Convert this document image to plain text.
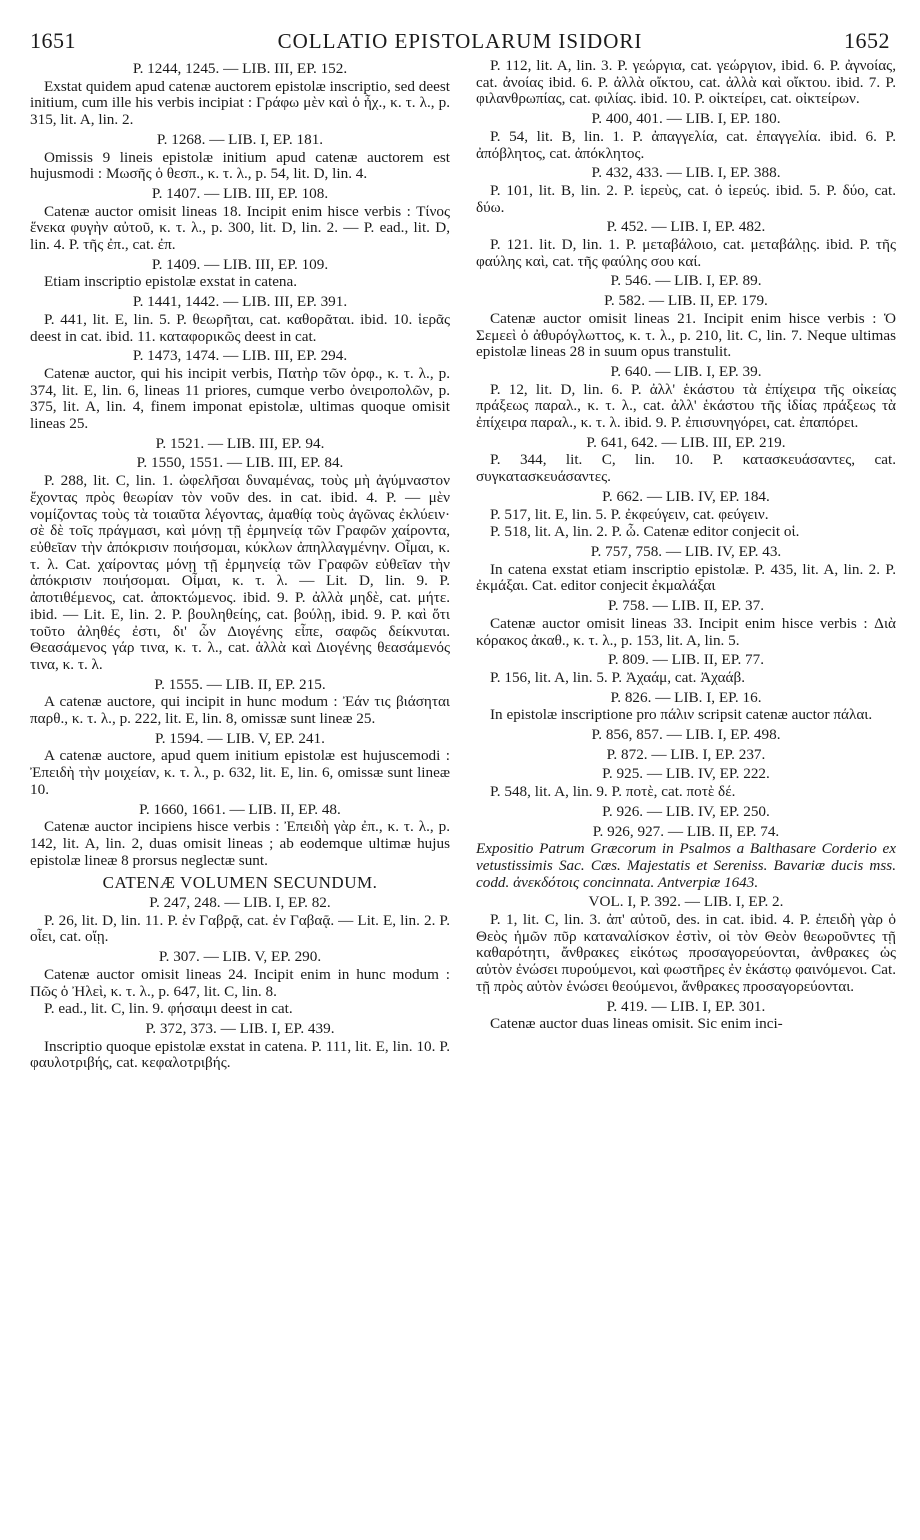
1651	COLLATIO EPISTOLARUM ISIDORI	1652
P. 1244, 1245. — LIB. III, EP. 152.
Exstat quidem apud catenæ auctorem epistolæ inscriptio, sed deest initium, cum ille his verbis incipiat : Γράφω μὲν καὶ ὁ ἦχ., κ. τ. λ., p. 315, lit. A, lin. 2.
P. 1268. — LIB. I, EP. 181.
Omissis 9 lineis epistolæ initium apud catenæ auctorem est hujusmodi : Μωσῆς ὁ θεσπ., κ. τ. λ., p. 54, lit. D, lin. 4.
P. 1407. — LIB. III, EP. 108.
Catenæ auctor omisit lineas 18. Incipit enim hisce verbis : Τίνος ἕνεκα φυγὴν αὐτοῦ, κ. τ. λ., p. 300, lit. D, lin. 2. — P. ead., lit. D, lin. 4. P. τῆς ἐπ., cat. ἐπ.
P. 1409. — LIB. III, EP. 109.
Etiam inscriptio epistolæ exstat in catena.
P. 1441, 1442. — LIB. III, EP. 391.
P. 441, lit. E, lin. 5. P. θεωρῆται, cat. καθορᾶται. ibid. 10. ἱερᾶς deest in cat. ibid. 11. καταφορικῶς deest in cat.
P. 1473, 1474. — LIB. III, EP. 294.
Catenæ auctor, qui his incipit verbis, Πατὴρ τῶν ὀρφ., κ. τ. λ., p. 374, lit. E, lin. 6, lineas 11 priores, cumque verbo ὀνειροπολῶν, p. 375, lit. A, lin. 4, finem imponat epistolæ, ultimas quoque omisit lineas 25.
P. 1521. — LIB. III, EP. 94.
P. 1550, 1551. — LIB. III, EP. 84.
P. 288, lit. C, lin. 1. ὠφελῆσαι δυναμένας, τοὺς μὴ ἀγύμναστον ἔχοντας πρὸς θεωρίαν τὸν νοῦν des. in cat. ibid. 4. P. — μὲν νομίζοντας τοὺς τὰ τοιαῦτα λέγοντας, ἀμαθίᾳ τοὺς ἀγῶνας ἐκλύειν· σὲ δὲ τοῖς πράγμασι, καὶ μόνῃ τῇ ἑρμηνείᾳ τῶν Γραφῶν χαίροντα, εὐθεῖαν τὴν ἀπόκρισιν ποιήσομαι, κύκλων ἀπηλλαγμένην. Οἶμαι, κ. τ. λ. Cat. χαίροντας μόνῃ τῇ ἑρμηνείᾳ τῶν Γραφῶν εὐθεῖαν τὴν ἀπόκρισιν ποιήσομαι. Οἶμαι, κ. τ. λ. — Lit. D, lin. 9. P. ἀποτιθέμενος, cat. ἀποκτώμενος. ibid. 9. P. ἀλλὰ μηδὲ, cat. μήτε. ibid. — Lit. E, lin. 2. P. βουληθείης, cat. βούλῃ, ibid. 9. P. καὶ ὅτι τοῦτο ἀληθές ἐστι, δι' ὧν Διογένης εἶπε, σαφῶς δείκνυται. Θεασάμενος γάρ τινα, κ. τ. λ., cat. ἀλλὰ καὶ Διογένης θεασάμενός τινα, κ. τ. λ.
P. 1555. — LIB. II, EP. 215.
A catenæ auctore, qui incipit in hunc modum : Ἐάν τις βιάσηται παρθ., κ. τ. λ., p. 222, lit. E, lin. 8, omissæ sunt lineæ 25.
P. 1594. — LIB. V, EP. 241.
A catenæ auctore, apud quem initium epistolæ est hujuscemodi : Ἐπειδὴ τὴν μοιχείαν, κ. τ. λ., p. 632, lit. E, lin. 6, omissæ sunt lineæ 10.
P. 1660, 1661. — LIB. II, EP. 48.
Catenæ auctor incipiens hisce verbis : Ἐπειδὴ γὰρ ἐπ., κ. τ. λ., p. 142, lit. A, lin. 2, duas omisit lineas ; ab eodemque ultimæ hujus epistolæ lineæ 8 prorsus neglectæ sunt.
CATENÆ VOLUMEN SECUNDUM.
P. 247, 248. — LIB. I, EP. 82.
P. 26, lit. D, lin. 11. P. ἐν Γαβρᾷ, cat. ἐν Γαβαᾷ. — Lit. E, lin. 2. P. οἶει, cat. οἴῃ.
P. 307. — LIB. V, EP. 290.
Catenæ auctor omisit lineas 24. Incipit enim in hunc modum : Πῶς ὁ Ἠλεὶ, κ. τ. λ., p. 647, lit. C, lin. 8.
P. ead., lit. C, lin. 9. φήσαιμι deest in cat.
P. 372, 373. — LIB. I, EP. 439.
Inscriptio quoque epistolæ exstat in catena. P. 111, lit. E, lin. 10. P. φαυλοτριβής, cat. κεφαλοτριβής.
P. 112, lit. A, lin. 3. P. γεώργια, cat. γεώργιον, ibid. 6. P. ἀγνοίας, cat. ἀνοίας ibid. 6. P. ἀλλὰ οἴκτου, cat. ἀλλὰ καὶ οἴκτου. ibid. 7. P. φιλανθρωπίας, cat. φιλίας. ibid. 10. P. οἰκτείρει, cat. οἰκτείρων.
P. 400, 401. — LIB. I, EP. 180.
P. 54, lit. B, lin. 1. P. ἀπαγγελία, cat. ἐπαγγελία. ibid. 6. P. ἀπόβλητος, cat. ἀπόκλητος.
P. 432, 433. — LIB. I, EP. 388.
P. 101, lit. B, lin. 2. P. ἱερεὺς, cat. ὁ ἱερεύς. ibid. 5. P. δύο, cat. δύω.
P. 452. — LIB. I, EP. 482.
P. 121. lit. D, lin. 1. P. μεταβάλοιο, cat. μεταβάλῃς. ibid. P. τῆς φαύλης καὶ, cat. τῆς φαύλης σου καί.
P. 546. — LIB. I, EP. 89.
P. 582. — LIB. II, EP. 179.
Catenæ auctor omisit lineas 21. Incipit enim hisce verbis : Ὁ Σεμεεὶ ὁ ἀθυρόγλωττος, κ. τ. λ., p. 210, lit. C, lin. 7. Neque ultimas epistolæ lineas 28 in suum opus transtulit.
P. 640. — LIB. I, EP. 39.
P. 12, lit. D, lin. 6. P. ἀλλ' ἑκάστου τὰ ἐπίχειρα τῆς οἰκείας πράξεως παραλ., κ. τ. λ., cat. ἀλλ' ἑκάστου τῆς ἰδίας πράξεως τὰ ἐπίχειρα παραλ., κ. τ. λ. ibid. 9. P. ἐπισυνηγόρει, cat. ἐπαπόρει.
P. 641, 642. — LIB. III, EP. 219.
P. 344, lit. C, lin. 10. P. κατασκευάσαντες, cat. συγκατασκευάσαντες.
P. 662. — LIB. IV, EP. 184.
P. 517, lit. E, lin. 5. P. ἐκφεύγειν, cat. φεύγειν.
P. 518, lit. A, lin. 2. P. ὦ. Catenæ editor conjecit οἱ.
P. 757, 758. — LIB. IV, EP. 43.
In catena exstat etiam inscriptio epistolæ. P. 435, lit. A, lin. 2. P. ἐκμάξαι. Cat. editor conjecit ἐκμαλάξαι
P. 758. — LIB. II, EP. 37.
Catenæ auctor omisit lineas 33. Incipit enim hisce verbis : Διὰ κόρακος ἀκαθ., κ. τ. λ., p. 153, lit. A, lin. 5.
P. 809. — LIB. II, EP. 77.
P. 156, lit. A, lin. 5. P. Ἀχαάμ, cat. Ἀχαάβ.
P. 826. — LIB. I, EP. 16.
In epistolæ inscriptione pro πάλιν scripsit catenæ auctor πάλαι.
P. 856, 857. — LIB. I, EP. 498.
P. 872. — LIB. I, EP. 237.
P. 925. — LIB. IV, EP. 222.
P. 548, lit. A, lin. 9. P. ποτὲ, cat. ποτὲ δέ.
P. 926. — LIB. IV, EP. 250.
P. 926, 927. — LIB. II, EP. 74.
Expositio Patrum Græcorum in Psalmos a Balthasare Corderio ex vetustissimis Sac. Cæs. Majestatis et Sereniss. Bavariæ ducis mss. codd. ἀνεκδότοις concinnata. Antverpiæ 1643.
VOL. I, P. 392. — LIB. I, EP. 2.
P. 1, lit. C, lin. 3. ἀπ' αὐτοῦ, des. in cat. ibid. 4. P. ἐπειδὴ γὰρ ὁ Θεὸς ἡμῶν πῦρ καταναλίσκον ἐστὶν, οἱ τὸν Θεὸν θεωροῦντες τῇ καθαρότητι, ἄνθρακες εἰκότως προσαγορεύονται, ἀνθρακες ὡς αὐτὸν ἐνώσει πυρούμενοι, καὶ φωστῆρες ἐν ἑκάστῳ φαινόμενοι. Cat. τῇ πρὸς αὐτὸν ἑνώσει θεούμενοι, ἄνθρακες προσαγορεύονται.
P. 419. — LIB. I, EP. 301.
Catenæ auctor duas lineas omisit. Sic enim inci-
